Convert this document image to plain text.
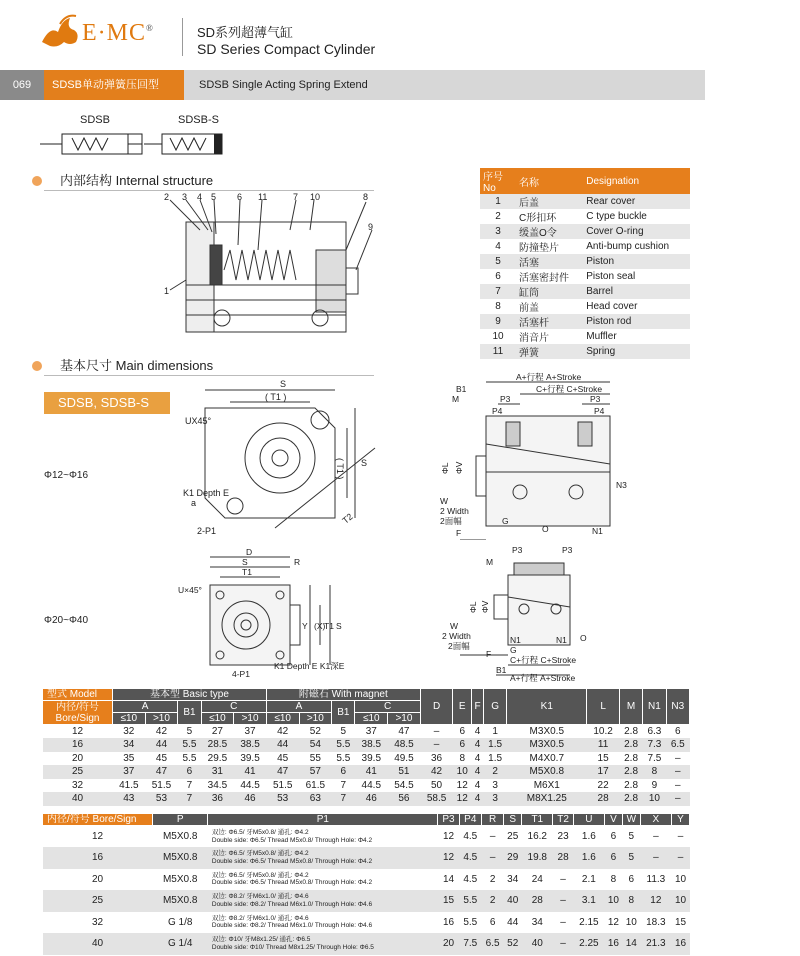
E·MC®	SD系列超薄气缸
SD Series Compact Cylinder
069	SDSB单动弹簧压回型	SDSB Single Acting Spring Extend
SDSB	SDSB-S
内部结构 Internal structure
2 3 4 5 6 11	7 10	8
9
1
序号 No	名称	Designation
1	后盖	Rear cover
2	C形扣环	C type buckle
3	缓盖O令	Cover O-ring
4	防撞垫片	Anti-bump cushion
5	活塞	Piston
6	活塞密封件	Piston seal
7	缸筒	Barrel
8	前盖	Head cover
9	活塞杆	Piston rod
10	消音片	Muffler
11	弹簧	Spring
基本尺寸 Main dimensions
SDSB, SDSB-S
Φ12~Φ16
Φ20~Φ40
S
( T1 )
UX45°
( T1 ) S
K1 Depth E
a
2-P1
T2
A+行程 A+Stroke
C+行程 C+Stroke
B1
M	P3
P4
P3
P4
ΦL ΦV
N3
W
2 Width
2面幅
F
G
O	N1
D
R
S
T1
U×45°
Y (X)
T1 S
4-P1
K1 Depth E K1深E
P3	P3
M
ΦL ΦV
W
2 Width
2面幅
O
N1	N1
G
F
C+行程 C+Stroke
B1
A+行程 A+Stroke
型式 Model	基本型 Basic type					附磁石 With magnet					D	E	F	G	K1	L	M	N1	N3
内径/符号 Bore/Sign	A		B1	C		A		B1	C										
	≤10	>10		≤10	>10	≤10	>10		≤10	>10									
12	32	42	5	27	37	42	52	5	37	47	–	6	4	1	M3X0.5	10.2	2.8	6.3	6
16	34	44	5.5	28.5	38.5	44	54	5.5	38.5	48.5	–	6	4	1.5	M3X0.5	11	2.8	7.3	6.5
20	35	45	5.5	29.5	39.5	45	55	5.5	39.5	49.5	36	8	4	1.5	M4X0.7	15	2.8	7.5	–
25	37	47	6	31	41	47	57	6	41	51	42	10	4	2	M5X0.8	17	2.8	8	–
32	41.5	51.5	7	34.5	44.5	51.5	61.5	7	44.5	54.5	50	12	4	3	M6X1	22	2.8	9	–
40	43	53	7	36	46	53	63	7	46	56	58.5	12	4	3	M8X1.25	28	2.8	10	–
内径/符号 Bore/Sign	P	P1	P3	P4	R	S	T1	T2	U	V	W	X	Y
12	M5X0.8	双边: Φ6.5/ 牙M5x0.8/ 通孔: Φ4.2
Double side: Φ6.5/ Thread M5x0.8/ Through Hole: Φ4.2	12	4.5	–	25	16.2	23	1.6	6	5	–	–
16	M5X0.8	双边: Φ6.5/ 牙M5x0.8/ 通孔: Φ4.2
Double side: Φ6.5/ Thread M5x0.8/ Through Hole: Φ4.2	12	4.5	–	29	19.8	28	1.6	6	5	–	–
20	M5X0.8	双边: Φ6.5/ 牙M5x0.8/ 通孔: Φ4.2
Double side: Φ6.5/ Thread M5x0.8/ Through Hole: Φ4.2	14	4.5	2	34	24	–	2.1	8	6	11.3	10
25	M5X0.8	双边: Φ8.2/ 牙M6x1.0/ 通孔: Φ4.6
Double side: Φ8.2/ Thread M6x1.0/ Through Hole: Φ4.6	15	5.5	2	40	28	–	3.1	10	8	12	10
32	G 1/8	双边: Φ8.2/ 牙M6x1.0/ 通孔: Φ4.6
Double side: Φ8.2/ Thread M6x1.0/ Through Hole: Φ4.6	16	5.5	6	44	34	–	2.15	12	10	18.3	15
40	G 1/4	双边: Φ10/ 牙M8x1.25/ 通孔: Φ6.5
Double side: Φ10/ Thread M8x1.25/ Through Hole: Φ6.5	20	7.5	6.5	52	40	–	2.25	16	14	21.3	16
